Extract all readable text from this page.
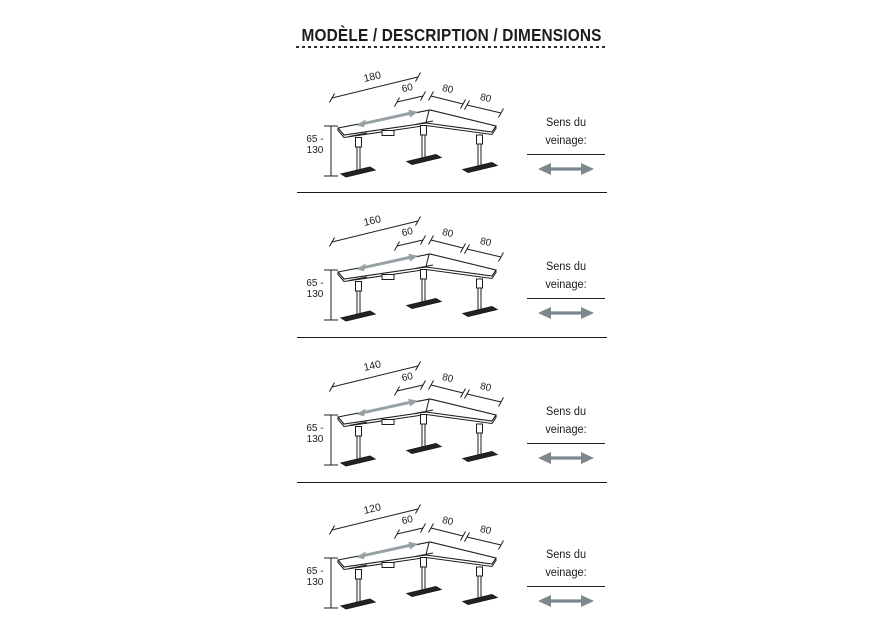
MODÈLE / DESCRIPTION / DIMENSIONS
180
60	80
80
65 -
130
Sens du
veinage:
160
60	80
80
65 -
130
Sens du
veinage:
140
60	80
80
65 -
130
Sens du
veinage:
120
60	80
80
65 -
130
Sens du
veinage:
